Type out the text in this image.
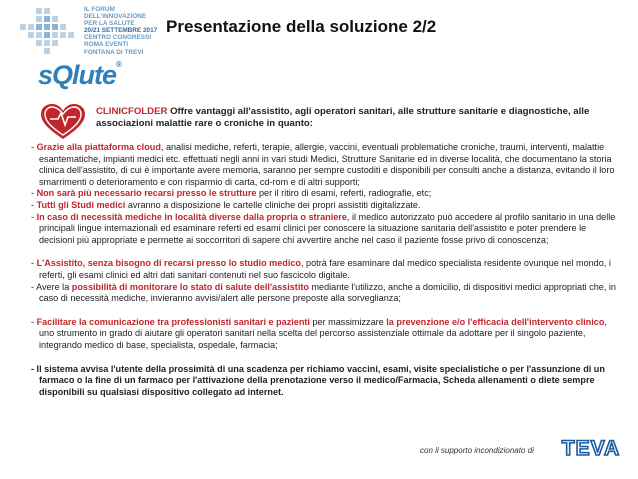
IL FORUM
DELL'INNOVAZIONE
PER LA SALUTE
20/21 SETTEMBRE 2017
CENTRO CONGRESSI
ROMA EVENTI
FONTANA DI TREVI
sQlute®
Presentazione della soluzione 2/2
CLINICFOLDER Offre vantaggi all'assistito, agli operatori sanitari, alle strutture sanitarie e diagnostiche, alle associazioni malattie rare o croniche in quanto:

- Grazie alla piattaforma cloud, analisi mediche, referti, terapie, allergie, vaccini, eventuali problematiche croniche, traumi, interventi, malattie esantematiche, impianti medici etc. effettuati negli anni in vari studi Medici, Strutture Sanitarie ed in diverse località, che documentano la storia clinica dell'assistito, di cui è importante avere memoria, saranno per sempre custoditi e disponibili per consulti anche a distanza, evitando il loro smarrimenti o deterioramento e con risparmio di carta, cd-rom e di altri supporti;

- Non sarà più necessario recarsi presso le strutture per il ritiro di esami, referti, radiografie, etc;

- Tutti gli Studi medici avranno a disposizione le cartelle cliniche dei propri assistiti digitalizzate.

- In caso di necessità mediche in località diverse dalla propria o straniere, il medico autorizzato può accedere al profilo sanitario in una delle principali lingue internazionali ed esaminare referti ed esami clinici per conoscere la situazione sanitaria dell'assistito e poter prendere le decisioni più appropriate e permette ai soccorritori di sapere chi avvertire anche nel caso il paziente fosse privo di conoscenza;

- L'Assistito, senza bisogno di recarsi presso lo studio medico, potrà fare esaminare dal medico specialista residente ovunque nel mondo, i referti, gli esami clinici ed altri dati sanitari contenuti nel suo fascicolo digitale.

- Avere la possibilità di monitorare lo stato di salute dell'assistito mediante l'utilizzo, anche a domicilio, di dispositivi medici appropriati che, in caso di necessità mediche, invieranno avvisi/alert alle persone preposte alla sorveglianza;

- Facilitare la comunicazione tra professionisti sanitari e pazienti per massimizzare la prevenzione e/o l'efficacia dell'intervento clinico, uno strumento in grado di aiutare gli operatori sanitari nella scelta del percorso assistenziale ottimale da adottare per il singolo paziente, integrando medico di base, specialista, ospedale, farmacia;

- Il sistema avvisa l'utente della prossimità di una scadenza per richiamo vaccini, esami, visite specialistiche o per l'assunzione di un farmaco o la fine di un farmaco per l'attivazione della prenotazione verso il medico/Farmacia, Scheda allenamenti o diete sempre disponibili su qualsiasi dispositivo collegato ad internet.

con il supporto incondizionato di TEVA
